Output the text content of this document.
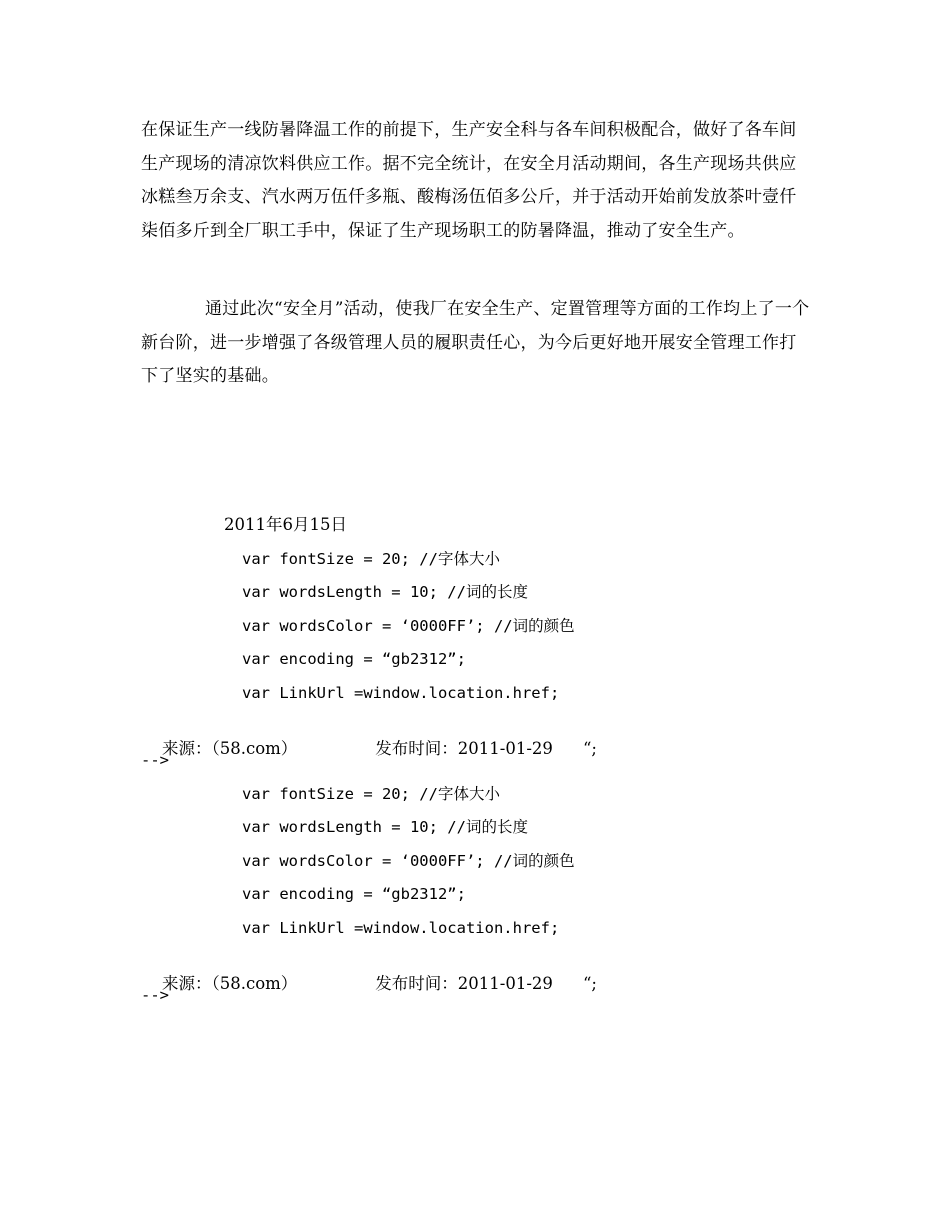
在保证生产一线防暑降温工作的前提下，生产安全科与各车间积极配合，做好了各车间生产现场的清凉饮料供应工作。据不完全统计，在安全月活动期间，各生产现场共供应冰糕叁万余支、汽水两万伍仟多瓶、酸梅汤伍佰多公斤，并于活动开始前发放茶叶壹仟柒佰多斤到全厂职工手中，保证了生产现场职工的防暑降温，推动了安全生产。

通过此次“安全月”活动，使我厂在安全生产、定置管理等方面的工作均上了一个新台阶，进一步增强了各级管理人员的履职责任心，为今后更好地开展安全管理工作打下了坚实的基础。

2011年6月15日
var fontSize = 20; //字体大小
var wordsLength = 10; //词的长度
var wordsColor = ‘0000FF’; //词的颜色
var encoding = “gb2312”;
var LinkUrl =window.location.href;

来源：（58.com）	发布时间：2011-01-29 “;

-->
var fontSize = 20; //字体大小
var wordsLength = 10; //词的长度
var wordsColor = ‘0000FF’; //词的颜色
var encoding = “gb2312”;
var LinkUrl =window.location.href;

来源：（58.com）	发布时间：2011-01-29 “;

-->
